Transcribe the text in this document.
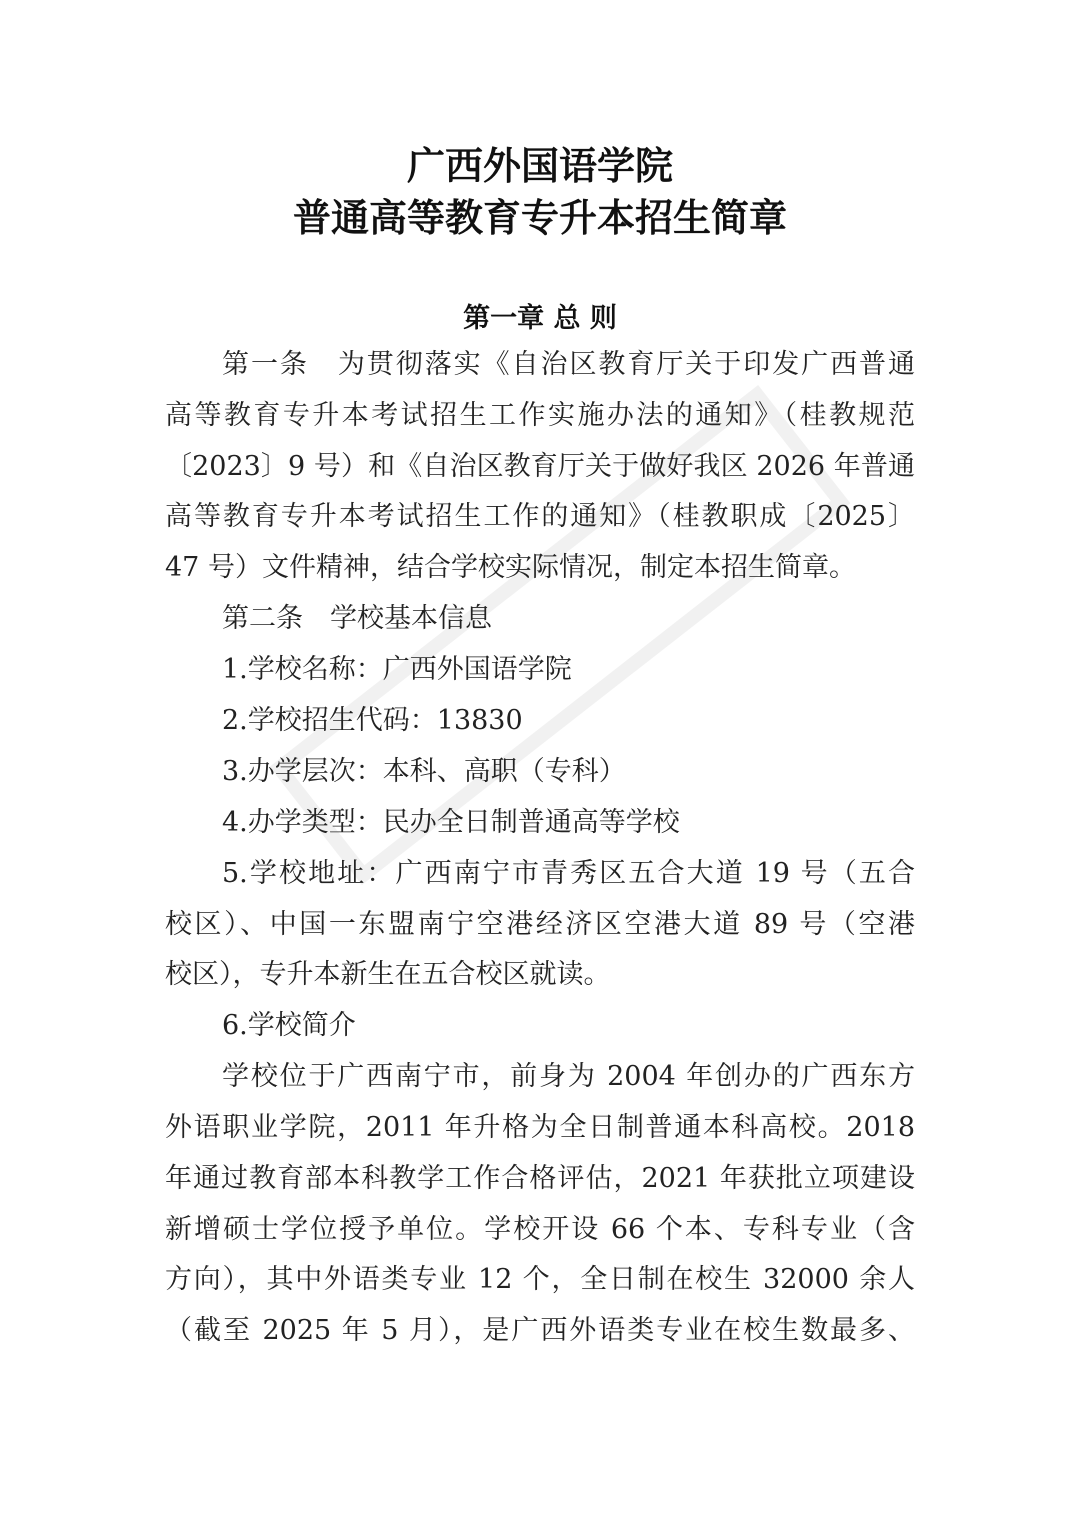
广西外国语学院
普通高等教育专升本招生简章
第一章 总 则
第一条　为贯彻落实《自治区教育厅关于印发广西普通
高等教育专升本考试招生工作实施办法的通知》（桂教规范
〔2023〕9 号）和《自治区教育厅关于做好我区 2026 年普通
高等教育专升本考试招生工作的通知》（桂教职成〔2025〕
47 号）文件精神，结合学校实际情况，制定本招生简章。
第二条　学校基本信息
1.学校名称：广西外国语学院
2.学校招生代码：13830
3.办学层次：本科、高职（专科）
4.办学类型：民办全日制普通高等学校
5.学校地址：广西南宁市青秀区五合大道 19 号（五合
校区）、中国一东盟南宁空港经济区空港大道 89 号（空港
校区），专升本新生在五合校区就读。
6.学校简介
学校位于广西南宁市，前身为 2004 年创办的广西东方
外语职业学院，2011 年升格为全日制普通本科高校。2018
年通过教育部本科教学工作合格评估，2021 年获批立项建设
新增硕士学位授予单位。学校开设 66 个本、专科专业（含
方向），其中外语类专业 12 个，全日制在校生 32000 余人
（截至 2025 年 5 月），是广西外语类专业在校生数最多、
